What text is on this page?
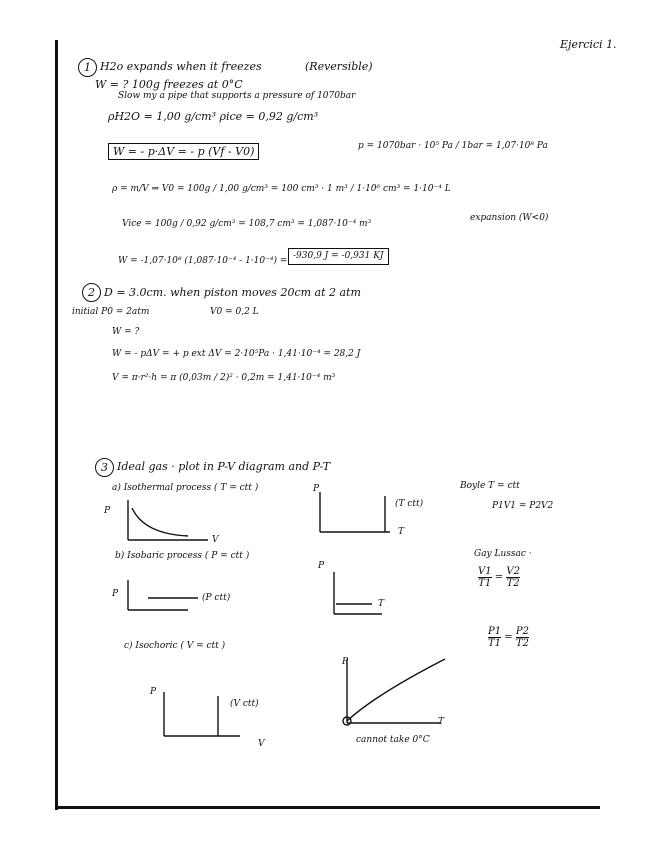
Ejercici 1.
1 H2o expands when it freezes	(Reversible)
W = ? 100g freezes at 0°C
Slow my a pipe that supports a pressure of 1070bar
ρH2O = 1,00 g/cm³ ρice = 0,92 g/cm³
W = - p·ΔV = - p (Vf - V0)	p = 1070bar · 10⁵ Pa / 1bar = 1,07·10⁸ Pa
ρ = m/V ⇒ V0 = 100g / 1,00 g/cm³ = 100 cm³ · 1 m³ / 1·10⁶ cm³ = 1·10⁻⁴ L
Vice = 100g / 0,92 g/cm³ = 108,7 cm³ = 1,087·10⁻⁴ m³
expansion (W<0)
W = -1,07·10⁸ (1,087·10⁻⁴ - 1·10⁻⁴) = -930,9 J = -0,931 KJ
2 D = 3.0cm. when piston moves 20cm at 2 atm
initial P0 = 2atm	V0 = 0,2 L
W = ?
W = - pΔV = + p ext ΔV = 2·10⁵Pa · 1,41·10⁻⁴ = 28,2 J
V = π·r²·h = π (0,03m / 2)² · 0,2m = 1,41·10⁻⁴ m³
3 Ideal gas · plot in P-V diagram and P-T
a) Isothermal process ( T = ctt )
P
V
P
T
(T ctt)
Boyle T = ctt
P1V1 = P2V2
b) Isobaric process ( P = ctt )
P	(P ctt)
P
T
Gay Lussac ·
$\frac{V1}{T1} = \frac{V2}{T2}$
c) Isochoric ( V = ctt )
P
V
(V ctt)
P
T
cannot take 0°C
$\frac{P1}{T1} = \frac{P2}{T2}$
